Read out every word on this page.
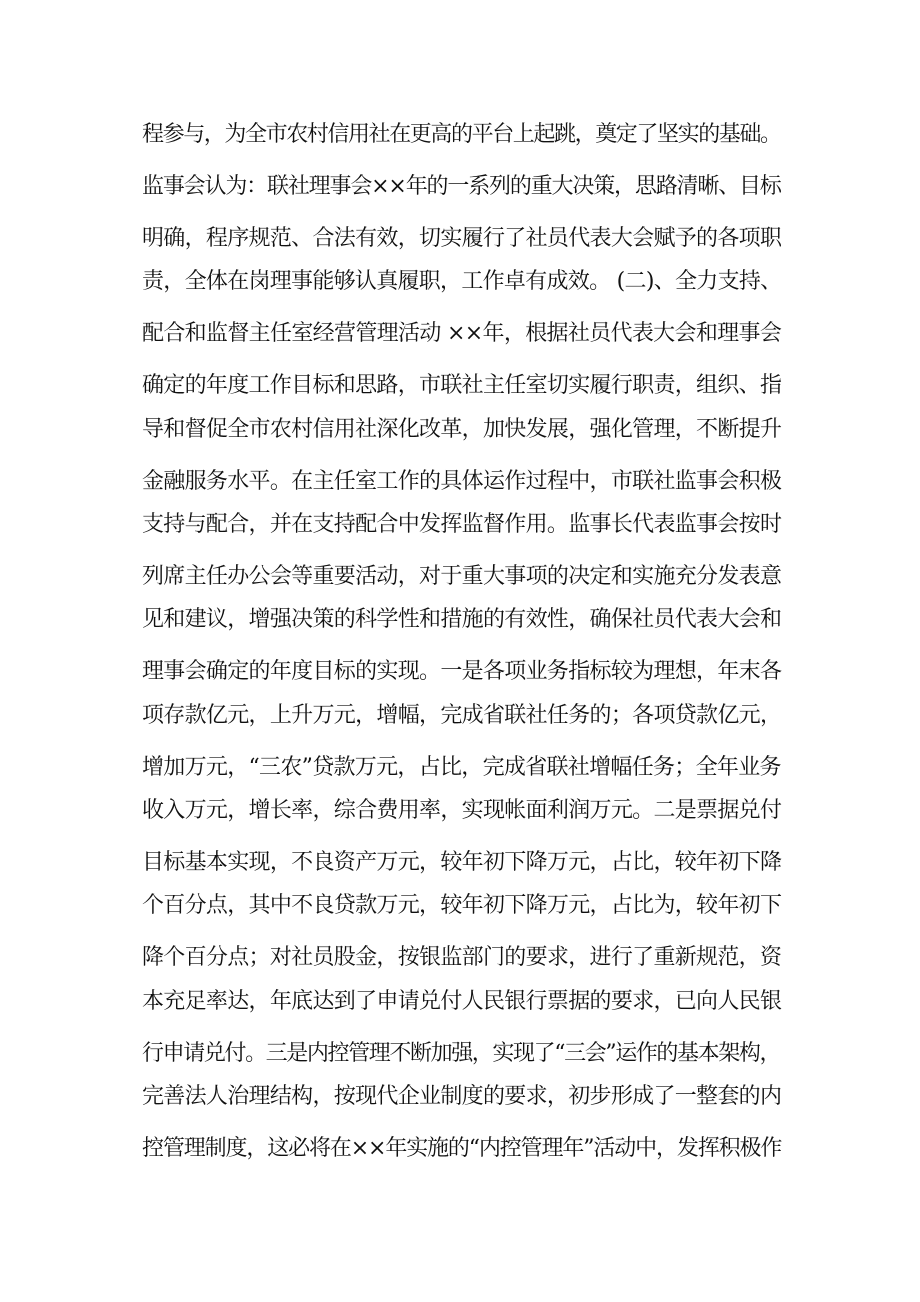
程参与，为全市农村信用社在更高的平台上起跳，奠定了坚实的基础。
监事会认为：联社理事会××年的一系列的重大决策，思路清晰、目标
明确，程序规范、合法有效，切实履行了社员代表大会赋予的各项职
责，全体在岗理事能够认真履职，工作卓有成效。 (二)、全力支持、
配合和监督主任室经营管理活动 ××年，根据社员代表大会和理事会
确定的年度工作目标和思路，市联社主任室切实履行职责，组织、指
导和督促全市农村信用社深化改革，加快发展，强化管理，不断提升
金融服务水平。在主任室工作的具体运作过程中，市联社监事会积极
支持与配合，并在支持配合中发挥监督作用。监事长代表监事会按时
列席主任办公会等重要活动，对于重大事项的决定和实施充分发表意
见和建议，增强决策的科学性和措施的有效性，确保社员代表大会和
理事会确定的年度目标的实现。一是各项业务指标较为理想，年末各
项存款亿元，上升万元，增幅，完成省联社任务的；各项贷款亿元，
增加万元，“三农”贷款万元，占比，完成省联社增幅任务；全年业务
收入万元，增长率，综合费用率，实现帐面利润万元。二是票据兑付
目标基本实现，不良资产万元，较年初下降万元，占比，较年初下降
个百分点，其中不良贷款万元，较年初下降万元，占比为，较年初下
降个百分点；对社员股金，按银监部门的要求，进行了重新规范，资
本充足率达，年底达到了申请兑付人民银行票据的要求，已向人民银
行申请兑付。三是内控管理不断加强，实现了“三会”运作的基本架构，
完善法人治理结构，按现代企业制度的要求，初步形成了一整套的内
控管理制度，这必将在××年实施的“内控管理年”活动中，发挥积极作
